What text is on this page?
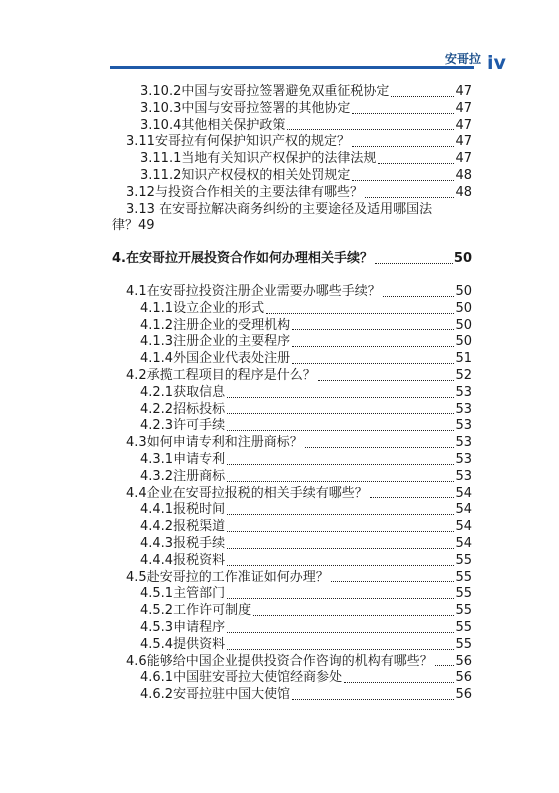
安哥拉 iv
3.10.2 中国与安哥拉签署避免双重征税协定	47
3.10.3 中国与安哥拉签署的其他协定	47
3.10.4 其他相关保护政策	47
3.11 安哥拉有何保护知识产权的规定？	47
3.11.1 当地有关知识产权保护的法律法规	47
3.11.2 知识产权侵权的相关处罚规定	48
3.12 与投资合作相关的主要法律有哪些？	48
3.13 在安哥拉解决商务纠纷的主要途径及适用哪国法
律？ 49
4. 在安哥拉开展投资合作如何办理相关手续？	50
4.1 在安哥拉投资注册企业需要办哪些手续？	50
4.1.1 设立企业的形式	50
4.1.2 注册企业的受理机构	50
4.1.3 注册企业的主要程序	50
4.1.4 外国企业代表处注册	51
4.2 承揽工程项目的程序是什么？	52
4.2.1 获取信息	53
4.2.2 招标投标	53
4.2.3 许可手续	53
4.3 如何申请专利和注册商标？	53
4.3.1 申请专利	53
4.3.2 注册商标	53
4.4 企业在安哥拉报税的相关手续有哪些？	54
4.4.1 报税时间	54
4.4.2 报税渠道	54
4.4.3 报税手续	54
4.4.4 报税资料	55
4.5 赴安哥拉的工作准证如何办理？	55
4.5.1 主管部门	55
4.5.2 工作许可制度	55
4.5.3 申请程序	55
4.5.4 提供资料	55
4.6 能够给中国企业提供投资合作咨询的机构有哪些？ 56
4.6.1 中国驻安哥拉大使馆经商参处	56
4.6.2 安哥拉驻中国大使馆	56
